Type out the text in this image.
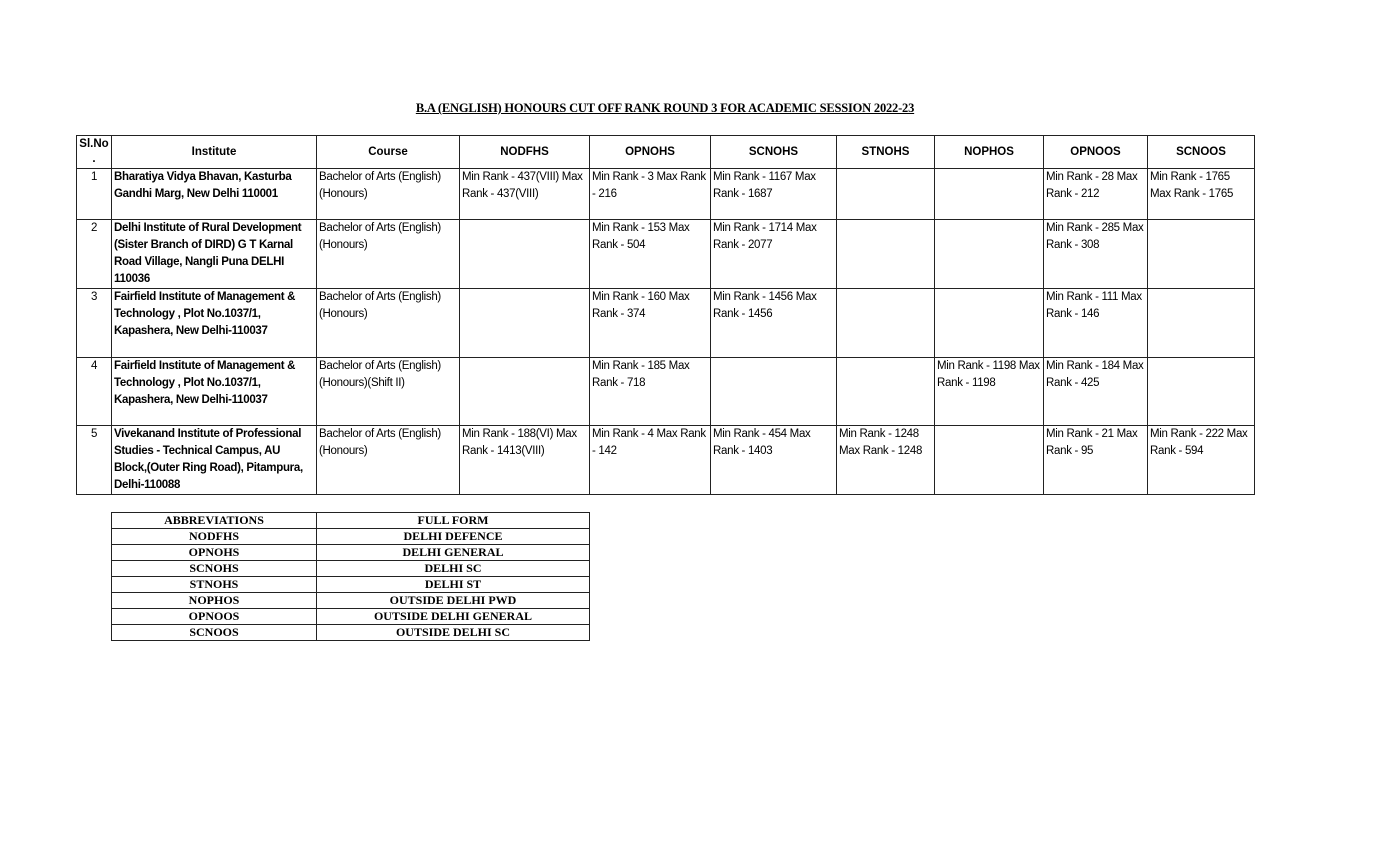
B.A (ENGLISH) HONOURS CUT OFF RANK ROUND 3 FOR ACADEMIC SESSION 2022-23
Sl.No .	Institute	Course	NODFHS	OPNOHS	SCNOHS	STNOHS	NOPHOS	OPNOOS	SCNOOS
1	Bharatiya Vidya Bhavan, Kasturba Gandhi Marg, New Delhi 110001	Bachelor of Arts (English)(Honours)	Min Rank - 437(VIII) Max Rank - 437(VIII)	Min Rank - 3 Max Rank - 216	Min Rank - 1167 Max Rank - 1687			Min Rank - 28 Max Rank - 212	Min Rank - 1765 Max Rank - 1765
2	Delhi Institute of Rural Development (Sister Branch of DIRD) G T Karnal Road Village, Nangli Puna DELHI 110036	Bachelor of Arts (English)(Honours)		Min Rank - 153 Max Rank - 504	Min Rank - 1714 Max Rank - 2077			Min Rank - 285 Max Rank - 308	
3	Fairfield Institute of Management & Technology , Plot No.1037/1, Kapashera, New Delhi-110037	Bachelor of Arts (English)(Honours)		Min Rank - 160 Max Rank - 374	Min Rank - 1456 Max Rank - 1456			Min Rank - 111 Max Rank - 146	
4	Fairfield Institute of Management & Technology , Plot No.1037/1, Kapashera, New Delhi-110037	Bachelor of Arts (English)(Honours)(Shift II)		Min Rank - 185 Max Rank - 718			Min Rank - 1198 Max Rank - 1198	Min Rank - 184 Max Rank - 425	
5	Vivekanand Institute of Professional Studies - Technical Campus, AU Block,(Outer Ring Road), Pitampura, Delhi-110088	Bachelor of Arts (English)(Honours)	Min Rank - 188(VI) Max Rank - 1413(VIII)	Min Rank - 4 Max Rank - 142	Min Rank - 454 Max Rank - 1403	Min Rank - 1248 Max Rank - 1248		Min Rank - 21 Max Rank - 95	Min Rank - 222 Max Rank - 594
ABBREVIATIONS	FULL FORM
NODFHS	DELHI DEFENCE
OPNOHS	DELHI GENERAL
SCNOHS	DELHI SC
STNOHS	DELHI ST
NOPHOS	OUTSIDE DELHI PWD
OPNOOS	OUTSIDE DELHI GENERAL
SCNOOS	OUTSIDE DELHI SC
